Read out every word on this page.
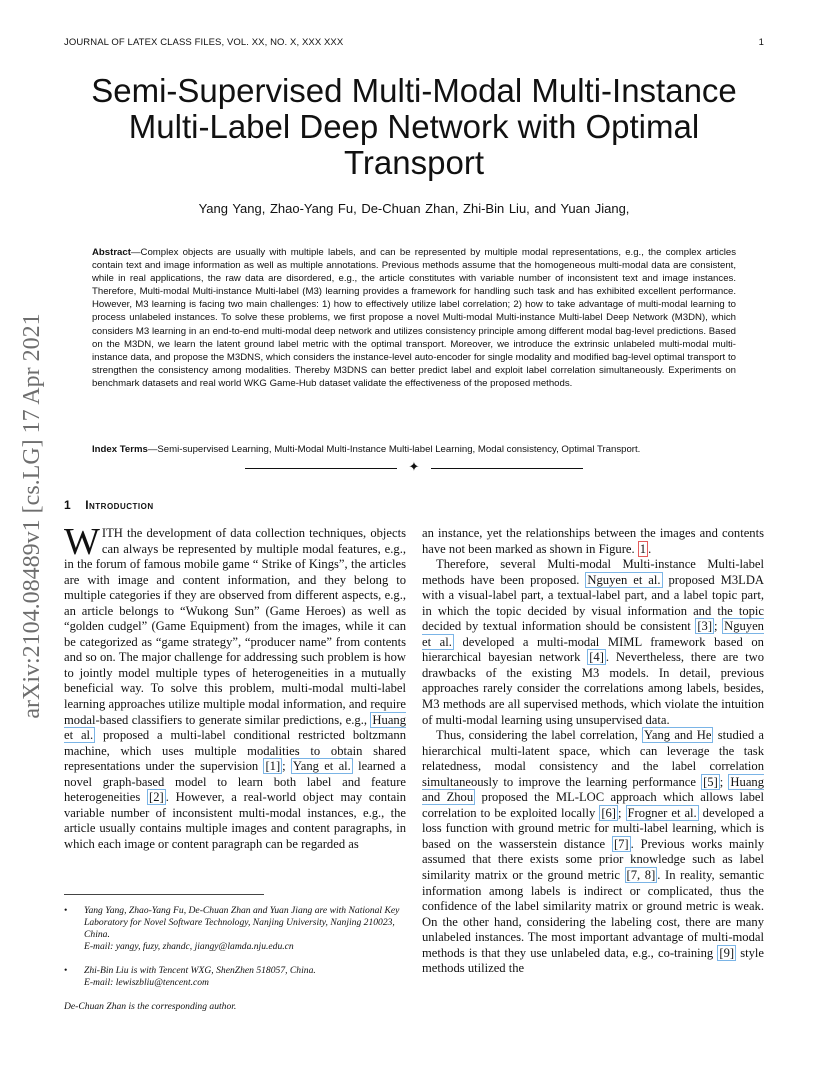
JOURNAL OF LATEX CLASS FILES, VOL. XX, NO. X, XXX XXX	1
arXiv:2104.08489v1 [cs.LG] 17 Apr 2021
Semi-Supervised Multi-Modal Multi-Instance Multi-Label Deep Network with Optimal Transport
Yang Yang, Zhao-Yang Fu, De-Chuan Zhan, Zhi-Bin Liu, and Yuan Jiang,

Abstract—Complex objects are usually with multiple labels, and can be represented by multiple modal representations, e.g., the complex articles contain text and image information as well as multiple annotations. Previous methods assume that the homogeneous multi-modal data are consistent, while in real applications, the raw data are disordered, e.g., the article constitutes with variable number of inconsistent text and image instances. Therefore, Multi-modal Multi-instance Multi-label (M3) learning provides a framework for handling such task and has exhibited excellent performance. However, M3 learning is facing two main challenges: 1) how to effectively utilize label correlation; 2) how to take advantage of multi-modal learning to process unlabeled instances. To solve these problems, we first propose a novel Multi-modal Multi-instance Multi-label Deep Network (M3DN), which considers M3 learning in an end-to-end multi-modal deep network and utilizes consistency principle among different modal bag-level predictions. Based on the M3DN, we learn the latent ground label metric with the optimal transport. Moreover, we introduce the extrinsic unlabeled multi-modal multi-instance data, and propose the M3DNS, which considers the instance-level auto-encoder for single modality and modified bag-level optimal transport to strengthen the consistency among modalities. Thereby M3DNS can better predict label and exploit label correlation simultaneously. Experiments on benchmark datasets and real world WKG Game-Hub dataset validate the effectiveness of the proposed methods.

Index Terms—Semi-supervised Learning, Multi-Modal Multi-Instance Multi-label Learning, Modal consistency, Optimal Transport.

✦
1 Introduction

WITH the development of data collection techniques, objects can always be represented by multiple modal features, e.g., in the forum of famous mobile game “ Strike of Kings”, the articles are with image and content information, and they belong to multiple categories if they are observed from different aspects, e.g., an article belongs to “Wukong Sun” (Game Heroes) as well as “golden cudgel” (Game Equipment) from the images, while it can be categorized as “game strategy”, “producer name” from contents and so on. The major challenge for addressing such problem is how to jointly model multiple types of heterogeneities in a mutually beneficial way. To solve this problem, multi-modal multi-label learning approaches utilize multiple modal information, and require modal-based classifiers to generate similar predictions, e.g., Huang et al. proposed a multi-label conditional restricted boltzmann machine, which uses multiple modalities to obtain shared representations under the supervision [1] ; Yang et al. learned a novel graph-based model to learn both label and feature heterogeneities [2] . However, a real-world object may contain variable number of inconsistent multi-modal instances, e.g., the article usually contains multiple images and content paragraphs, in which each image or content paragraph can be regarded as

an instance, yet the relationships between the images and contents have not been marked as shown in Figure. 1 .

Therefore, several Multi-modal Multi-instance Multi-label methods have been proposed. Nguyen et al. proposed M3LDA with a visual-label part, a textual-label part, and a label topic part, in which the topic decided by visual information and the topic decided by textual information should be consistent [3] ; Nguyen et al. developed a multi-modal MIML framework based on hierarchical bayesian network [4] . Nevertheless, there are two drawbacks of the existing M3 models. In detail, previous approaches rarely consider the correlations among labels, besides, M3 methods are all supervised methods, which violate the intuition of multi-modal learning using unsupervised data.

Thus, considering the label correlation, Yang and He studied a hierarchical multi-latent space, which can leverage the task relatedness, modal consistency and the label correlation simultaneously to improve the learning performance [5] ; Huang and Zhou proposed the ML-LOC approach which allows label correlation to be exploited locally [6] ; Frogner et al. developed a loss function with ground metric for multi-label learning, which is based on the wasserstein distance [7] . Previous works mainly assumed that there exists some prior knowledge such as label similarity matrix or the ground metric [7, 8] . In reality, semantic information among labels is indirect or complicated, thus the confidence of the label similarity matrix or ground metric is weak. On the other hand, considering the labeling cost, there are many unlabeled instances. The most important advantage of multi-modal methods is that they use unlabeled data, e.g., co-training [9] style methods utilized the

• Yang Yang, Zhao-Yang Fu, De-Chuan Zhan and Yuan Jiang are with National Key Laboratory for Novel Software Technology, Nanjing University, Nanjing 210023, China.
E-mail: yangy, fuzy, zhandc, jiangy@lamda.nju.edu.cn
• Zhi-Bin Liu is with Tencent WXG, ShenZhen 518057, China.
E-mail: lewiszbliu@tencent.com
De-Chuan Zhan is the corresponding author.
